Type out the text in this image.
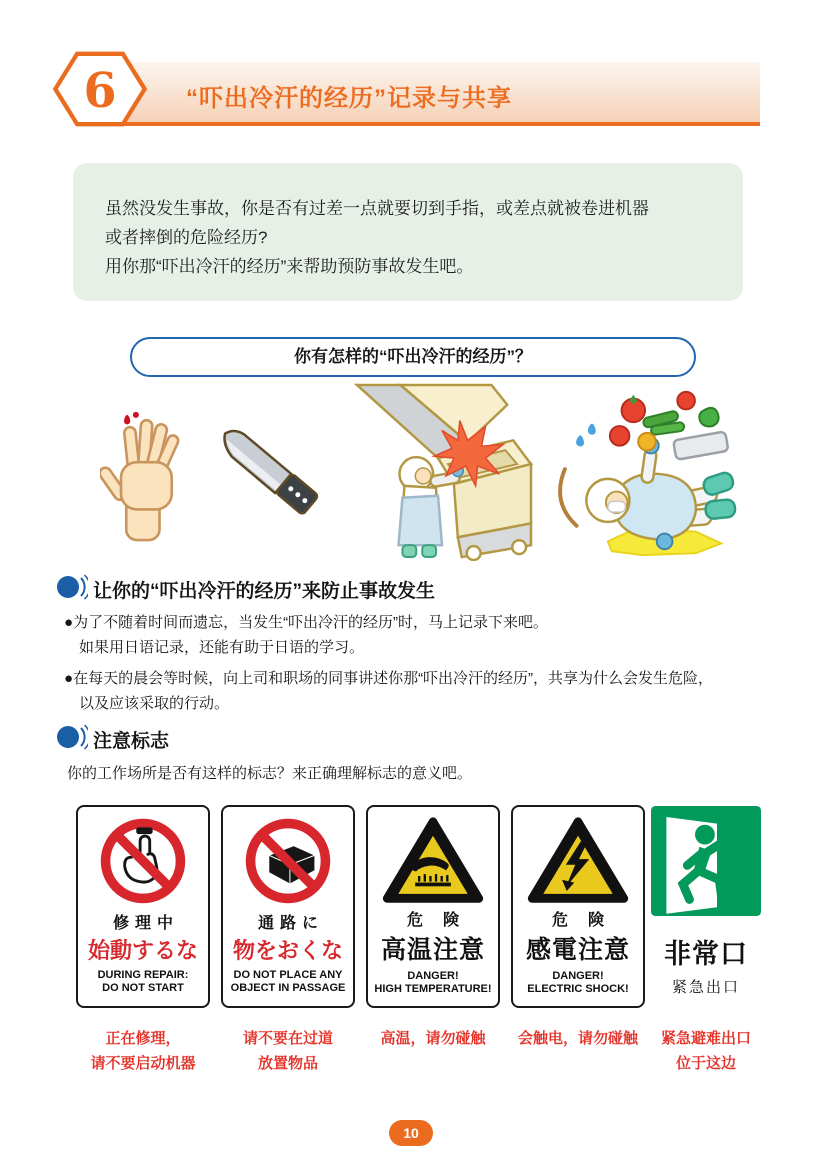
“吓出冷汗的经历”记录与共享
6
虽然没发生事故，你是否有过差一点就要切到手指，或差点就被卷进机器
或者摔倒的危险经历?
用你那“吓出冷汗的经历”来帮助预防事故发生吧。
你有怎样的“吓出冷汗的经历”？
让你的“吓出冷汗的经历”来防止事故发生
●为了不随着时间而遗忘，当发生“吓出冷汗的经历”时，马上记录下来吧。
如果用日语记录，还能有助于日语的学习。
●在每天的晨会等时候，向上司和职场的同事讲述你那“吓出冷汗的经历”，共享为什么会发生危险，
以及应该采取的行动。
注意标志
你的工作场所是否有这样的标志？来正确理解标志的意义吧。
修理中
始動するな
DURING REPAIR:
DO NOT START
通路に
物をおくな
DO NOT PLACE ANY
OBJECT IN PASSAGE
危険
高温注意
DANGER!
HIGH TEMPERATURE!
危険
感電注意
DANGER!
ELECTRIC SHOCK!
非常口
紧急出口
正在修理，
请不要启动机器
请不要在过道
放置物品
高温，请勿碰触	会触电，请勿碰触	紧急避难出口
位于这边
10
